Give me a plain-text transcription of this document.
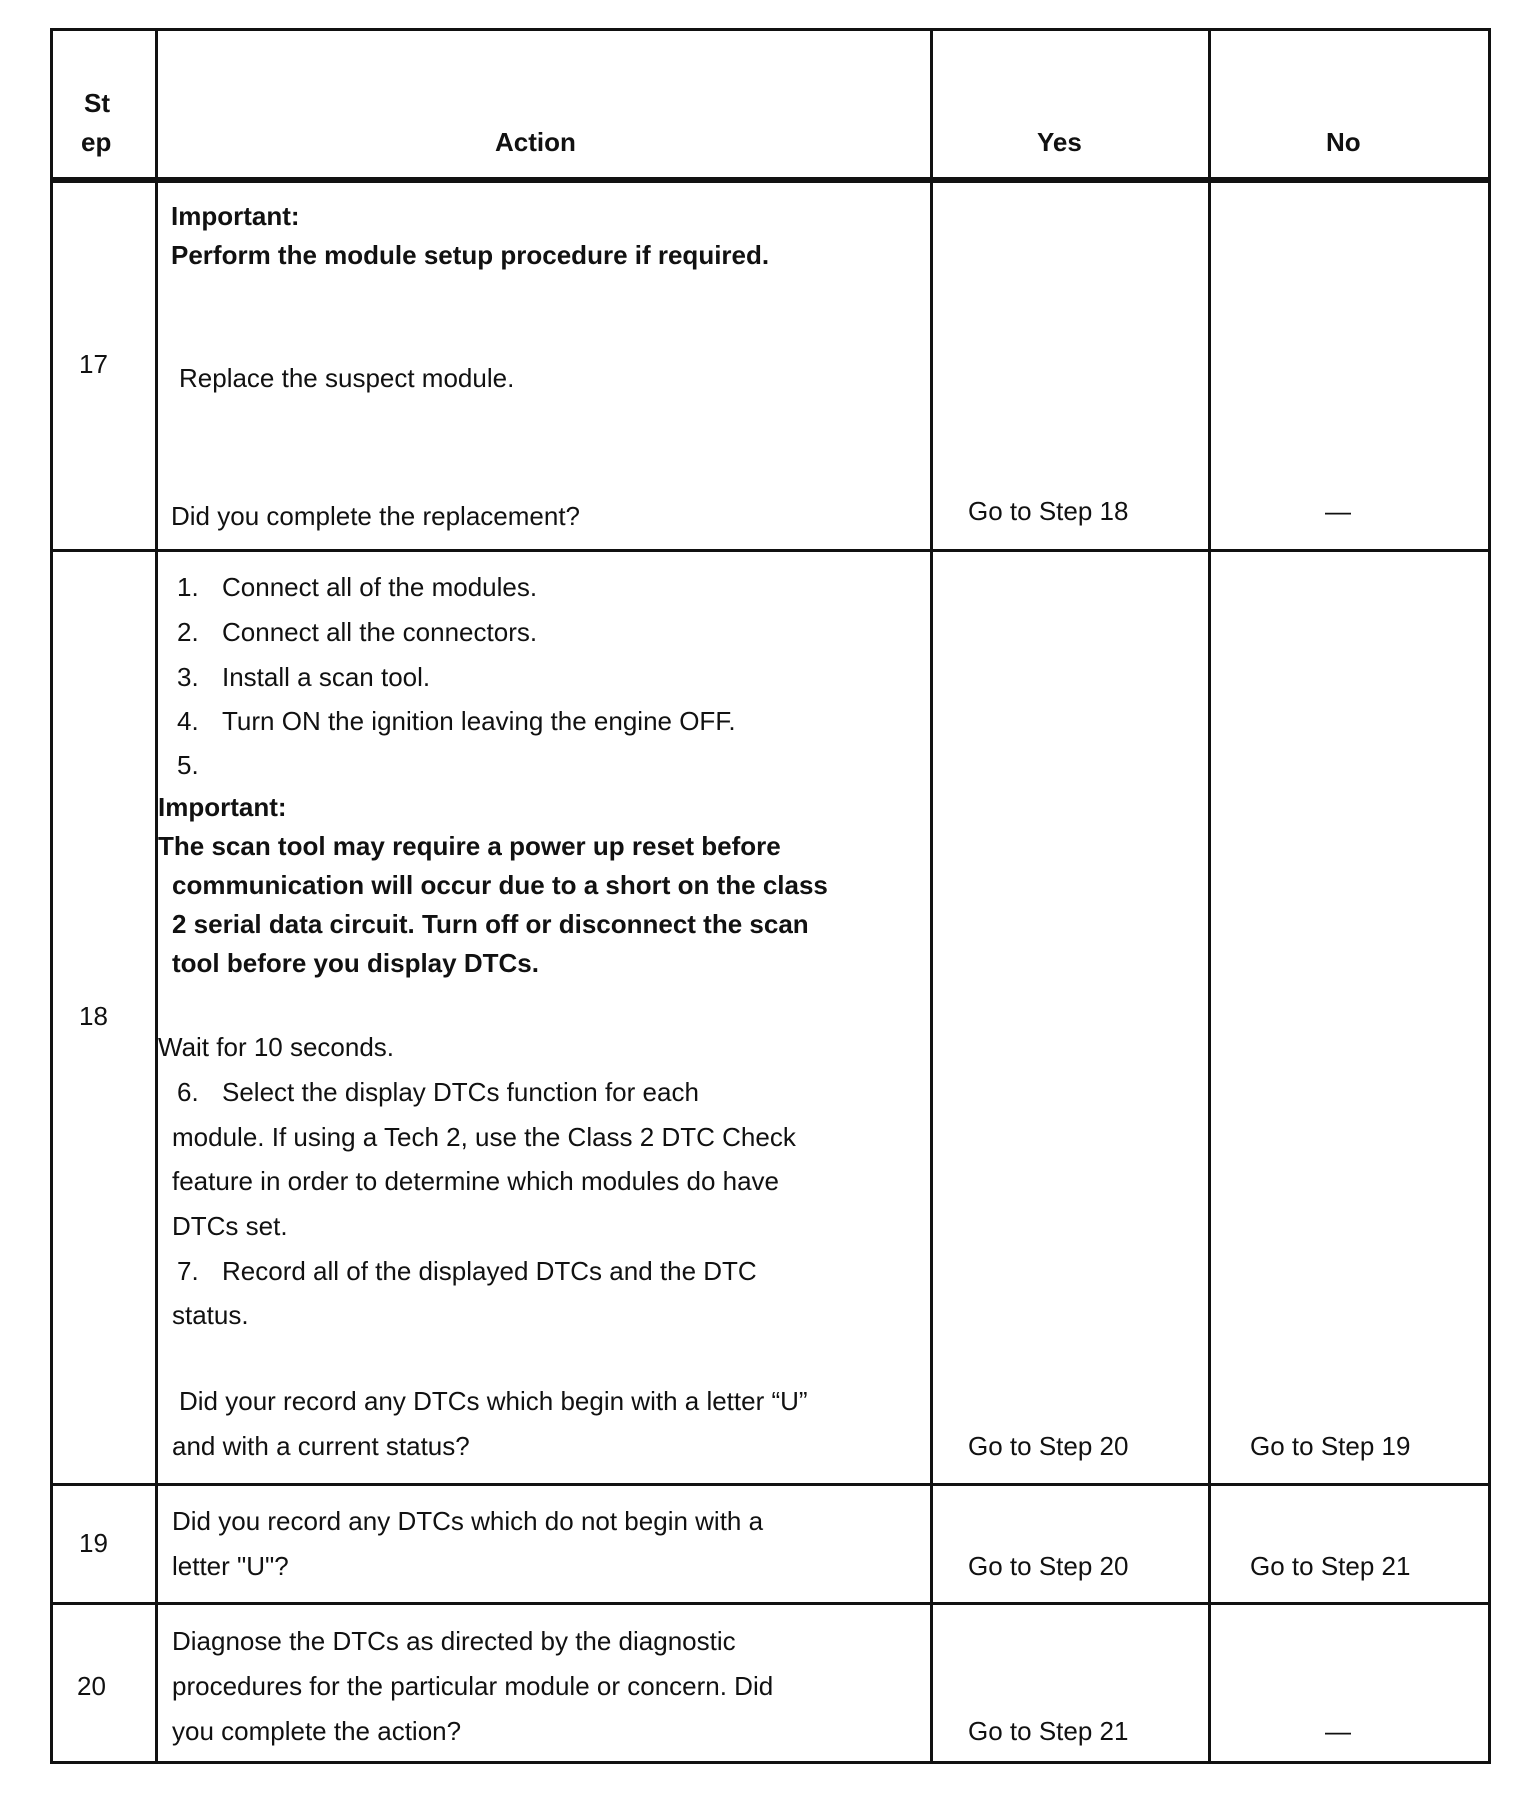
St
ep	Action	Yes	No
17
Important:
Perform the module setup procedure if required.
Replace the suspect module.
Did you complete the replacement?	Go to Step 18	—
18
1. Connect all of the modules.
2. Connect all the connectors.
3. Install a scan tool.
4. Turn ON the ignition leaving the engine OFF.
5.
Important:
The scan tool may require a power up reset before
communication will occur due to a short on the class
2 serial data circuit. Turn off or disconnect the scan
tool before you display DTCs.
Wait for 10 seconds.
6. Select the display DTCs function for each
module. If using a Tech 2, use the Class 2 DTC Check
feature in order to determine which modules do have
DTCs set.
7. Record all of the displayed DTCs and the DTC
status.
Did your record any DTCs which begin with a letter “U”
and with a current status?	Go to Step 20	Go to Step 19
19
Did you record any DTCs which do not begin with a
letter "U"?	Go to Step 20	Go to Step 21
20
Diagnose the DTCs as directed by the diagnostic
procedures for the particular module or concern. Did
you complete the action?	Go to Step 21	—
